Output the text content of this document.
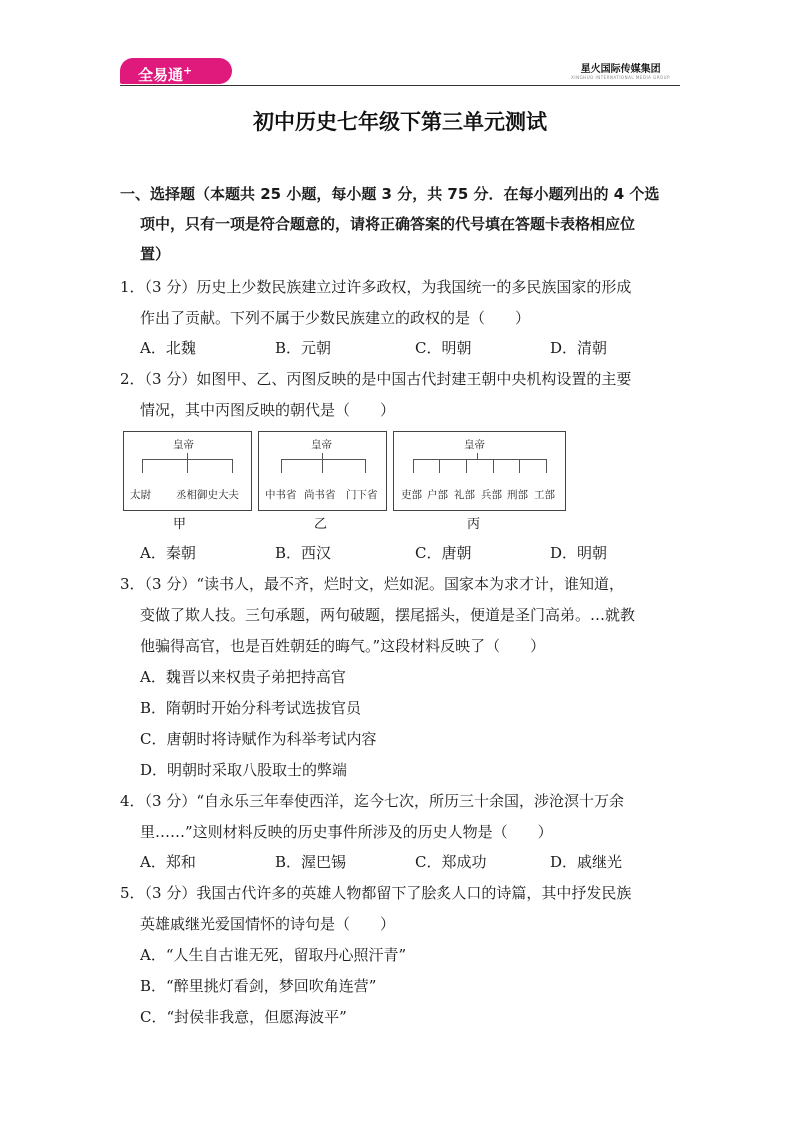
全易通+	星火国际传媒集团
XINGHUO INTERNATIONAL MEDIA GROUP
初中历史七年级下第三单元测试
一、选择题（本题共 25 小题，每小题 3 分，共 75 分．在每小题列出的 4 个选
项中，只有一项是符合题意的，请将正确答案的代号填在答题卡表格相应位
置）
1．（3 分）历史上少数民族建立过许多政权，为我国统一的多民族国家的形成
作出了贡献。下列不属于少数民族建立的政权的是（　　）
A．北魏	B．元朝	C．明朝	D．清朝
2．（3 分）如图甲、乙、丙图反映的是中国古代封建王朝中央机构设置的主要
情况，其中丙图反映的朝代是（　　）
皇帝
太尉 丞相御史大夫
甲
皇帝
中书省 尚书省 门下省
乙
皇帝
吏部 户部 礼部 兵部 刑部 工部
丙
A．秦朝	B．西汉	C．唐朝	D．明朝
3．（3 分）“读书人，最不齐，烂时文，烂如泥。国家本为求才计，谁知道，
变做了欺人技。三句承题，两句破题，摆尾摇头，便道是圣门高弟。…就教
他骗得高官，也是百姓朝廷的晦气。”这段材料反映了（　　）
A．魏晋以来权贵子弟把持高官
B．隋朝时开始分科考试选拔官员
C．唐朝时将诗赋作为科举考试内容
D．明朝时采取八股取士的弊端
4．（3 分）“自永乐三年奉使西洋，迄今七次，所历三十余国，涉沧溟十万余
里……”这则材料反映的历史事件所涉及的历史人物是（　　）
A．郑和	B．渥巴锡	C．郑成功	D．戚继光
5．（3 分）我国古代许多的英雄人物都留下了脍炙人口的诗篇，其中抒发民族
英雄戚继光爱国情怀的诗句是（　　）
A．“人生自古谁无死，留取丹心照汗青”
B．“醉里挑灯看剑，梦回吹角连营”
C．“封侯非我意，但愿海波平”
